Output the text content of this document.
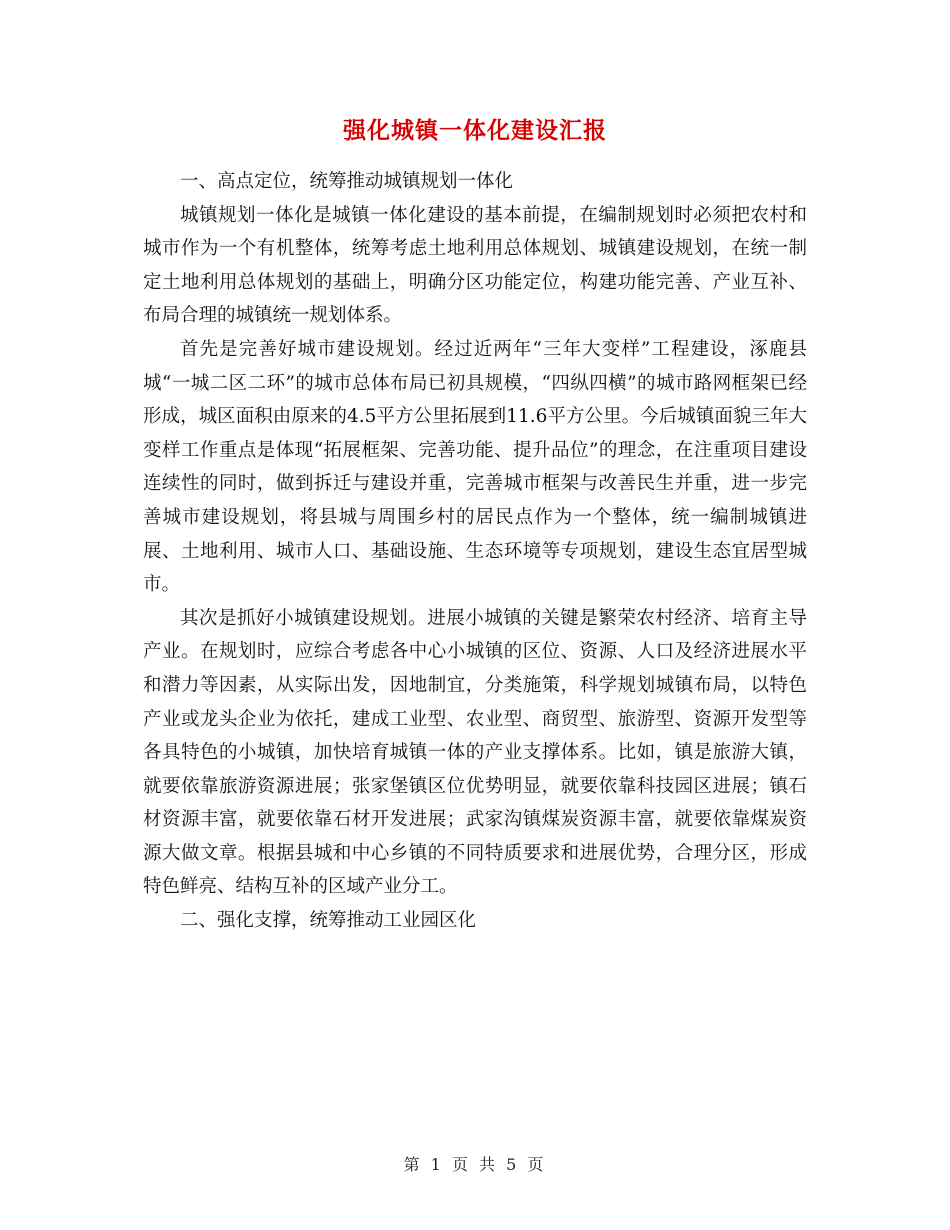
强化城镇一体化建设汇报

一、高点定位，统筹推动城镇规划一体化

城镇规划一体化是城镇一体化建设的基本前提，在编制规划时必须把农村和城市作为一个有机整体，统筹考虑土地利用总体规划、城镇建设规划，在统一制定土地利用总体规划的基础上，明确分区功能定位，构建功能完善、产业互补、布局合理的城镇统一规划体系。

首先是完善好城市建设规划。经过近两年“三年大变样”工程建设，涿鹿县城“一城二区二环”的城市总体布局已初具规模，“四纵四横”的城市路网框架已经形成，城区面积由原来的4.5平方公里拓展到11.6平方公里。今后城镇面貌三年大变样工作重点是体现“拓展框架、完善功能、提升品位”的理念，在注重项目建设连续性的同时，做到拆迁与建设并重，完善城市框架与改善民生并重，进一步完善城市建设规划，将县城与周围乡村的居民点作为一个整体，统一编制城镇进展、土地利用、城市人口、基础设施、生态环境等专项规划，建设生态宜居型城市。

其次是抓好小城镇建设规划。进展小城镇的关键是繁荣农村经济、培育主导产业。在规划时，应综合考虑各中心小城镇的区位、资源、人口及经济进展水平和潜力等因素，从实际出发，因地制宜，分类施策，科学规划城镇布局，以特色产业或龙头企业为依托，建成工业型、农业型、商贸型、旅游型、资源开发型等各具特色的小城镇，加快培育城镇一体的产业支撑体系。比如，镇是旅游大镇，就要依靠旅游资源进展；张家堡镇区位优势明显，就要依靠科技园区进展；镇石材资源丰富，就要依靠石材开发进展；武家沟镇煤炭资源丰富，就要依靠煤炭资源大做文章。根据县城和中心乡镇的不同特质要求和进展优势，合理分区，形成特色鲜亮、结构互补的区域产业分工。

二、强化支撑，统筹推动工业园区化

第 1 页 共 5 页
